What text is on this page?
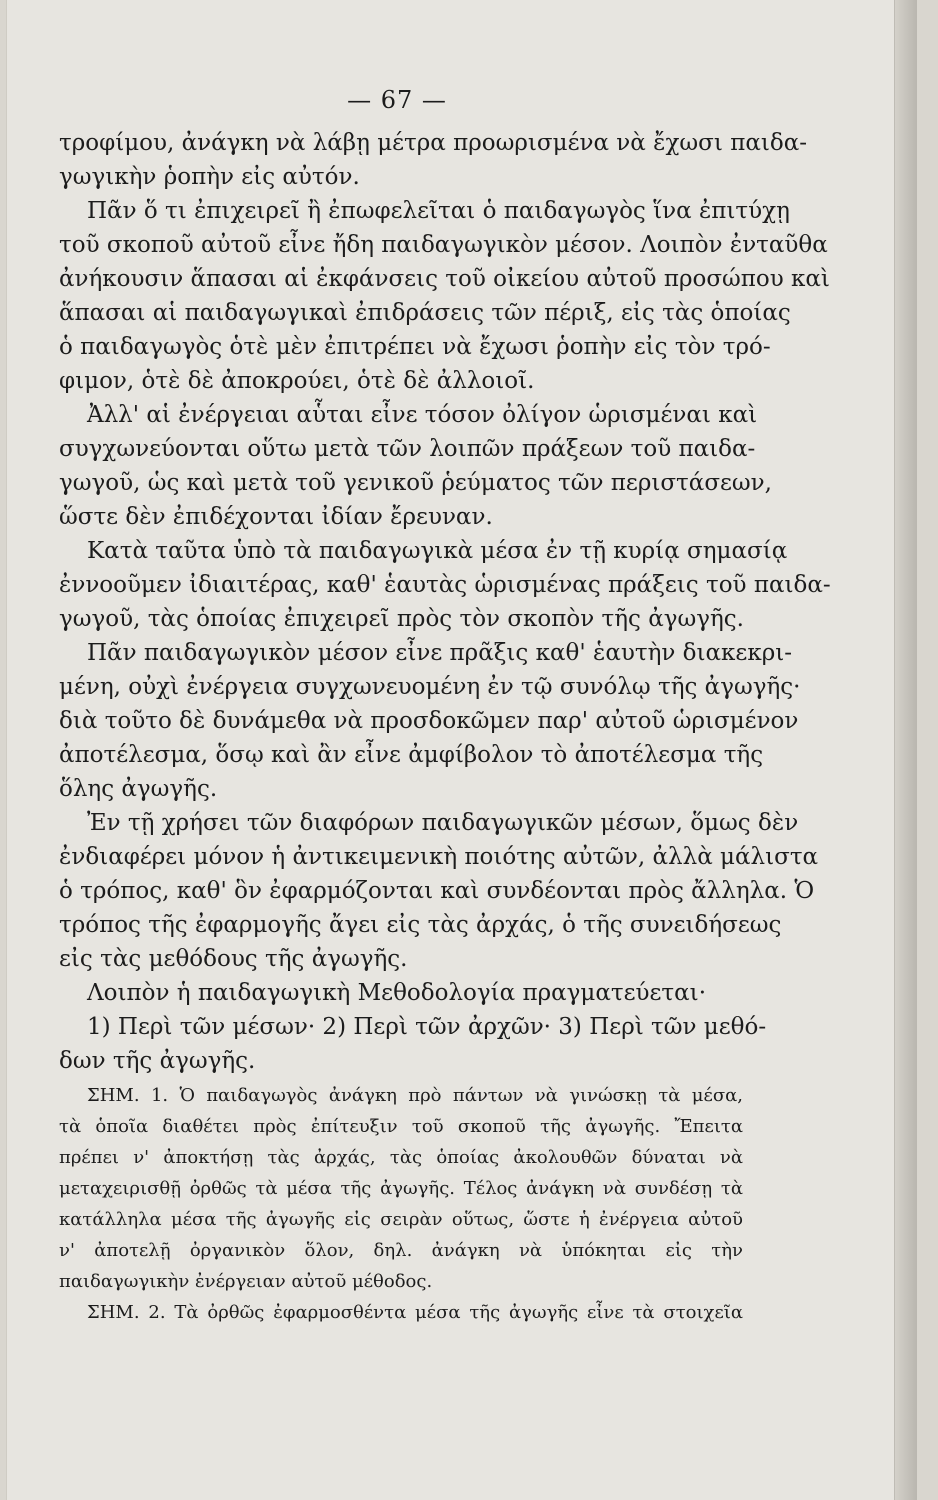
— 67 —
τροφίμου, ἀνάγκη νὰ λάβῃ μέτρα προωρισμένα νὰ ἔχωσι παιδα-
γωγικὴν ῥοπὴν εἰς αὐτόν.
Πᾶν ὅ τι ἐπιχειρεῖ ἢ ἐπωφελεῖται ὁ παιδαγωγὸς ἵνα ἐπιτύχῃ
τοῦ σκοποῦ αὐτοῦ εἶνε ἤδη παιδαγωγικὸν μέσον. Λοιπὸν ἐνταῦθα
ἀνήκουσιν ἅπασαι αἱ ἐκφάνσεις τοῦ οἰκείου αὐτοῦ προσώπου καὶ
ἅπασαι αἱ παιδαγωγικαὶ ἐπιδράσεις τῶν πέριξ, εἰς τὰς ὁποίας
ὁ παιδαγωγὸς ὁτὲ μὲν ἐπιτρέπει νὰ ἔχωσι ῥοπὴν εἰς τὸν τρό-
φιμον, ὁτὲ δὲ ἀποκρούει, ὁτὲ δὲ ἀλλοιοῖ.
Ἀλλ' αἱ ἐνέργειαι αὗται εἶνε τόσον ὀλίγον ὡρισμέναι καὶ
συγχωνεύονται οὕτω μετὰ τῶν λοιπῶν πράξεων τοῦ παιδα-
γωγοῦ, ὡς καὶ μετὰ τοῦ γενικοῦ ῥεύματος τῶν περιστάσεων,
ὥστε δὲν ἐπιδέχονται ἰδίαν ἔρευναν.
Κατὰ ταῦτα ὑπὸ τὰ παιδαγωγικὰ μέσα ἐν τῇ κυρίᾳ σημασίᾳ
ἐννοοῦμεν ἰδιαιτέρας, καθ' ἑαυτὰς ὡρισμένας πράξεις τοῦ παιδα-
γωγοῦ, τὰς ὁποίας ἐπιχειρεῖ πρὸς τὸν σκοπὸν τῆς ἀγωγῆς.
Πᾶν παιδαγωγικὸν μέσον εἶνε πρᾶξις καθ' ἑαυτὴν διακεκρι-
μένη, οὐχὶ ἐνέργεια συγχωνευομένη ἐν τῷ συνόλῳ τῆς ἀγωγῆς·
διὰ τοῦτο δὲ δυνάμεθα νὰ προσδοκῶμεν παρ' αὐτοῦ ὡρισμένον
ἀποτέλεσμα, ὅσῳ καὶ ἂν εἶνε ἀμφίβολον τὸ ἀποτέλεσμα τῆς
ὅλης ἀγωγῆς.
Ἐν τῇ χρήσει τῶν διαφόρων παιδαγωγικῶν μέσων, ὅμως δὲν
ἐνδιαφέρει μόνον ἡ ἀντικειμενικὴ ποιότης αὐτῶν, ἀλλὰ μάλιστα
ὁ τρόπος, καθ' ὃν ἐφαρμόζονται καὶ συνδέονται πρὸς ἄλληλα. Ὁ
τρόπος τῆς ἐφαρμογῆς ἄγει εἰς τὰς ἀρχάς, ὁ τῆς συνειδήσεως
εἰς τὰς μεθόδους τῆς ἀγωγῆς.
Λοιπὸν ἡ παιδαγωγικὴ Μεθοδολογία πραγματεύεται·
1) Περὶ τῶν μέσων· 2) Περὶ τῶν ἀρχῶν· 3) Περὶ τῶν μεθό-
δων τῆς ἀγωγῆς.
ΣΗΜ. 1. Ὁ παιδαγωγὸς ἀνάγκη πρὸ πάντων νὰ γινώσκῃ τὰ μέσα,
τὰ ὁποῖα διαθέτει πρὸς ἐπίτευξιν τοῦ σκοποῦ τῆς ἀγωγῆς. Ἔπειτα
πρέπει ν' ἀποκτήσῃ τὰς ἀρχάς, τὰς ὁποίας ἀκολουθῶν δύναται νὰ
μεταχειρισθῇ ὀρθῶς τὰ μέσα τῆς ἀγωγῆς. Τέλος ἀνάγκη νὰ συνδέσῃ τὰ
κατάλληλα μέσα τῆς ἀγωγῆς εἰς σειρὰν οὕτως, ὥστε ἡ ἐνέργεια αὐτοῦ
ν' ἀποτελῇ ὀργανικὸν ὅλον, δηλ. ἀνάγκη νὰ ὑπόκηται εἰς τὴν
παιδαγωγικὴν ἐνέργειαν αὐτοῦ μέθοδος.
ΣΗΜ. 2. Τὰ ὀρθῶς ἐφαρμοσθέντα μέσα τῆς ἀγωγῆς εἶνε τὰ στοιχεῖα
